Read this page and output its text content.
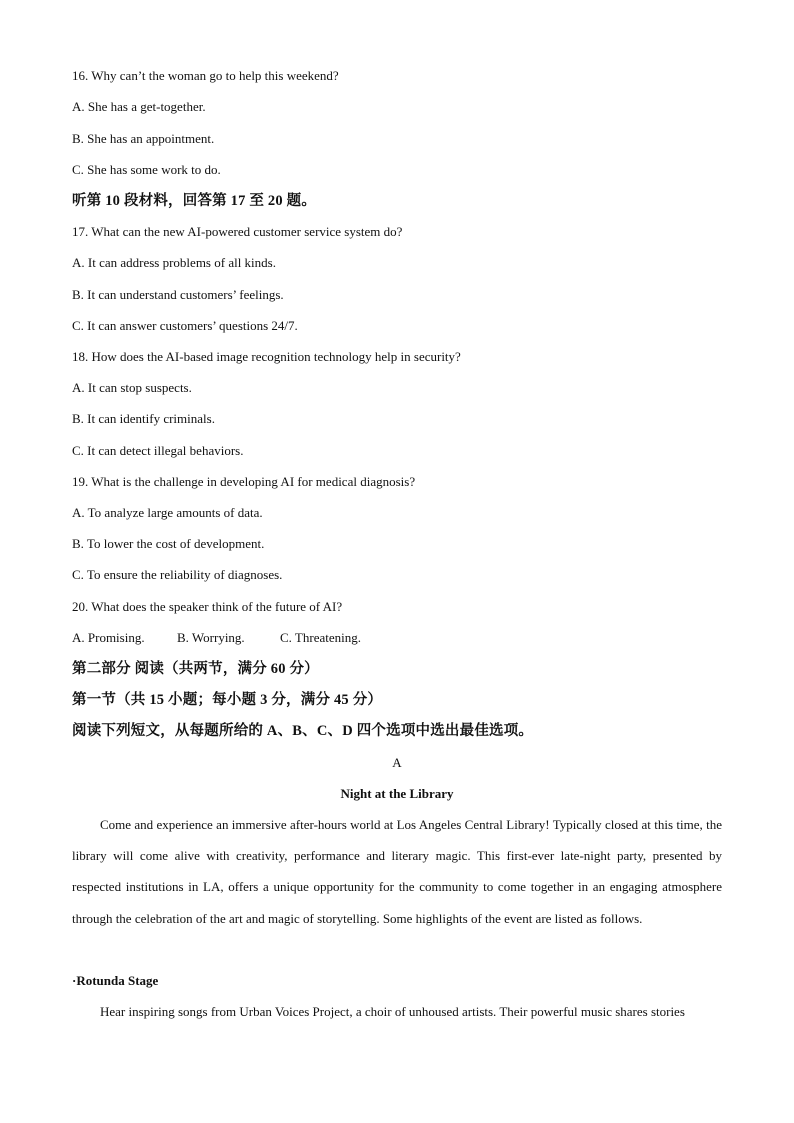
16. Why can’t the woman go to help this weekend?
A. She has a get-together.
B. She has an appointment.
C. She has some work to do.
听第 10 段材料，回答第 17 至 20 题。
17. What can the new AI-powered customer service system do?
A. It can address problems of all kinds.
B. It can understand customers’ feelings.
C. It can answer customers’ questions 24/7.
18. How does the AI-based image recognition technology help in security?
A. It can stop suspects.
B. It can identify criminals.
C. It can detect illegal behaviors.
19. What is the challenge in developing AI for medical diagnosis?
A. To analyze large amounts of data.
B. To lower the cost of development.
C. To ensure the reliability of diagnoses.
20. What does the speaker think of the future of AI?
A. Promising. B. Worrying.	C. Threatening.
第二部分 阅读（共两节，满分 60 分）
第一节（共 15 小题；每小题 3 分，满分 45 分）
阅读下列短文，从每题所给的 A、B、C、D 四个选项中选出最佳选项。
A
Night at the Library
Come and experience an immersive after-hours world at Los Angeles Central Library! Typically closed at this time, the library will come alive with creativity, performance and literary magic. This first-ever late-night party, presented by respected institutions in LA, offers a unique opportunity for the community to come together in an engaging atmosphere through the celebration of the art and magic of storytelling. Some highlights of the event are listed as follows.
·Rotunda Stage
Hear inspiring songs from Urban Voices Project, a choir of unhoused artists. Their powerful music shares stories
